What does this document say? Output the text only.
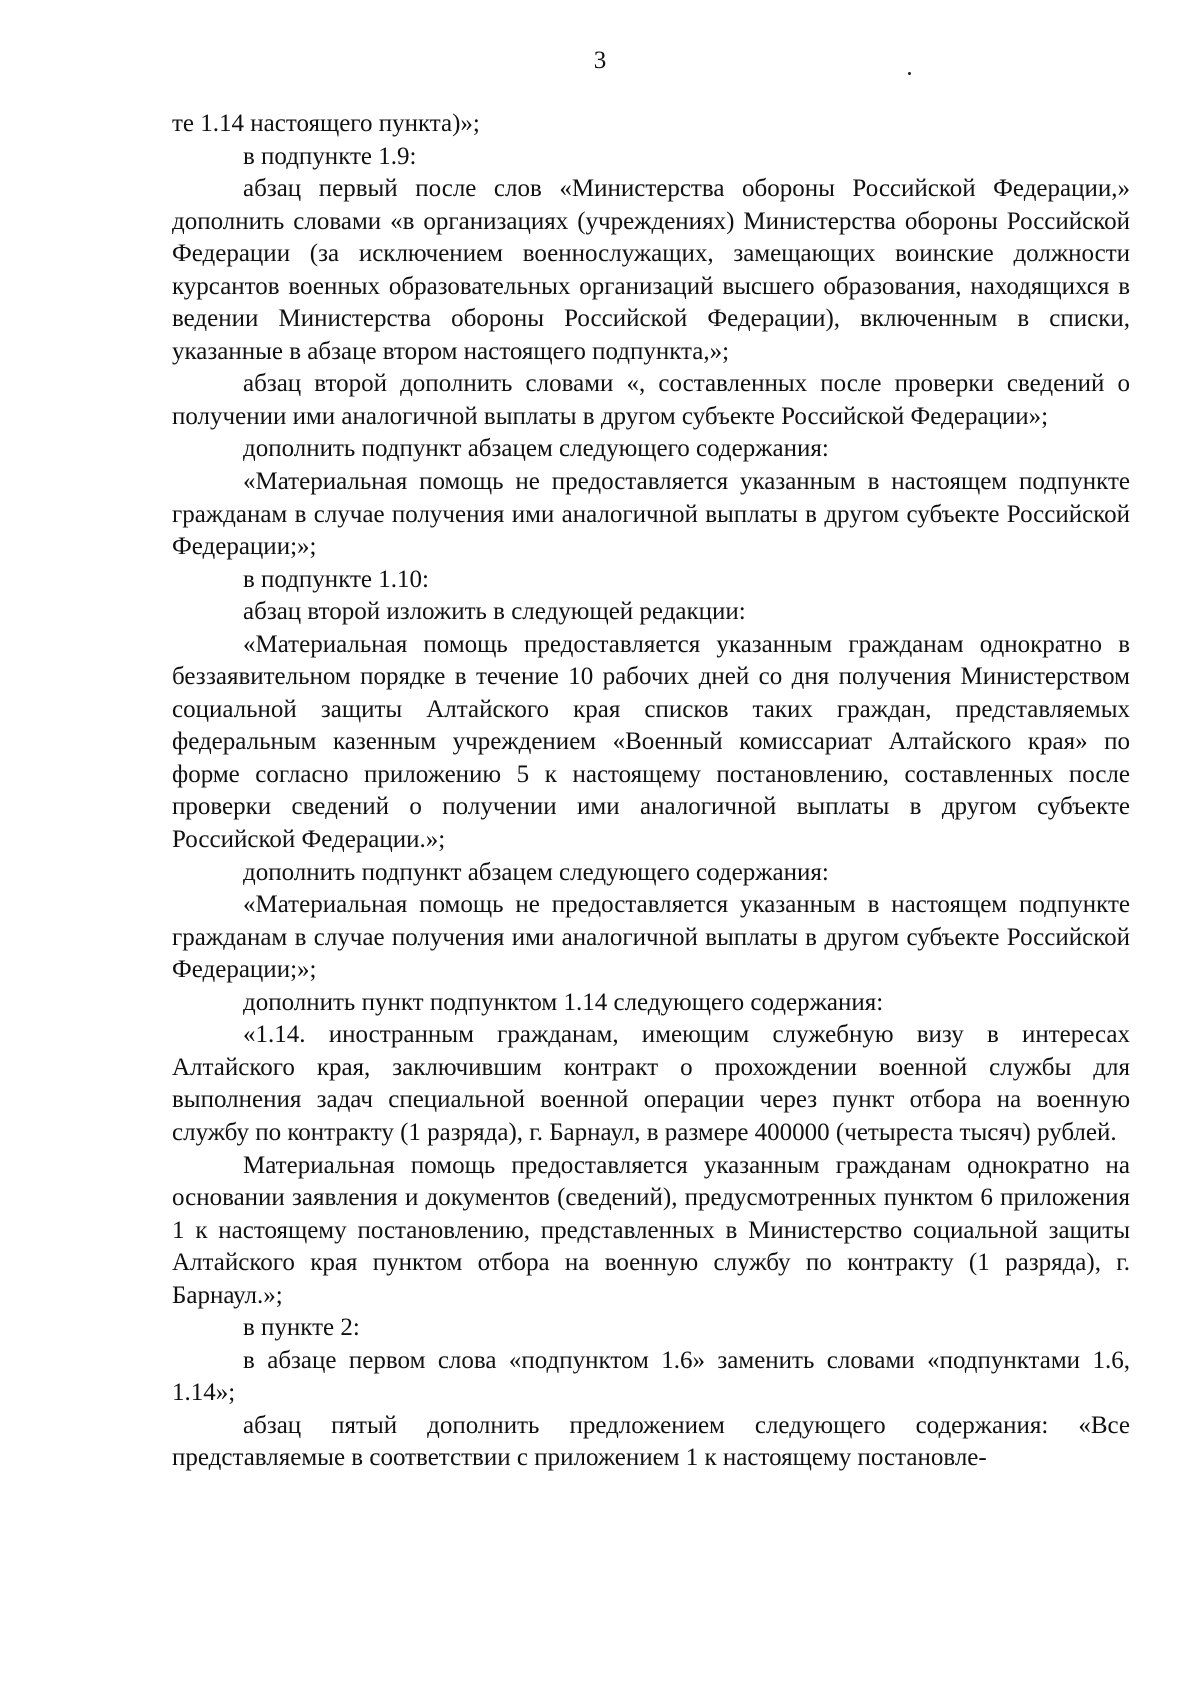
3

те 1.14 настоящего пункта)»;

в подпункте 1.9:

абзац первый после слов «Министерства обороны Российской Федерации,» дополнить словами «в организациях (учреждениях) Министерства обороны Российской Федерации (за исключением военнослужащих, замещающих воинские должности курсантов военных образовательных организаций высшего образования, находящихся в ведении Министерства обороны Российской Федерации), включенным в списки, указанные в абзаце втором настоящего подпункта,»;

абзац второй дополнить словами «, составленных после проверки сведений о получении ими аналогичной выплаты в другом субъекте Российской Федерации»;

дополнить подпункт абзацем следующего содержания:

«Материальная помощь не предоставляется указанным в настоящем подпункте гражданам в случае получения ими аналогичной выплаты в другом субъекте Российской Федерации;»;

в подпункте 1.10:

абзац второй изложить в следующей редакции:

«Материальная помощь предоставляется указанным гражданам однократно в беззаявительном порядке в течение 10 рабочих дней со дня получения Министерством социальной защиты Алтайского края списков таких граждан, представляемых федеральным казенным учреждением «Военный комиссариат Алтайского края» по форме согласно приложению 5 к настоящему постановлению, составленных после проверки сведений о получении ими аналогичной выплаты в другом субъекте Российской Федерации.»;

дополнить подпункт абзацем следующего содержания:

«Материальная помощь не предоставляется указанным в настоящем подпункте гражданам в случае получения ими аналогичной выплаты в другом субъекте Российской Федерации;»;

дополнить пункт подпунктом 1.14 следующего содержания:

«1.14. иностранным гражданам, имеющим служебную визу в интересах Алтайского края, заключившим контракт о прохождении военной службы для выполнения задач специальной военной операции через пункт отбора на военную службу по контракту (1 разряда), г. Барнаул, в размере 400000 (четыреста тысяч) рублей.

Материальная помощь предоставляется указанным гражданам однократно на основании заявления и документов (сведений), предусмотренных пунктом 6 приложения 1 к настоящему постановлению, представленных в Министерство социальной защиты Алтайского края пунктом отбора на военную службу по контракту (1 разряда), г. Барнаул.»;

в пункте 2:

в абзаце первом слова «подпунктом 1.6» заменить словами «подпунктами 1.6, 1.14»;

абзац пятый дополнить предложением следующего содержания: «Все представляемые в соответствии с приложением 1 к настоящему постановле-
